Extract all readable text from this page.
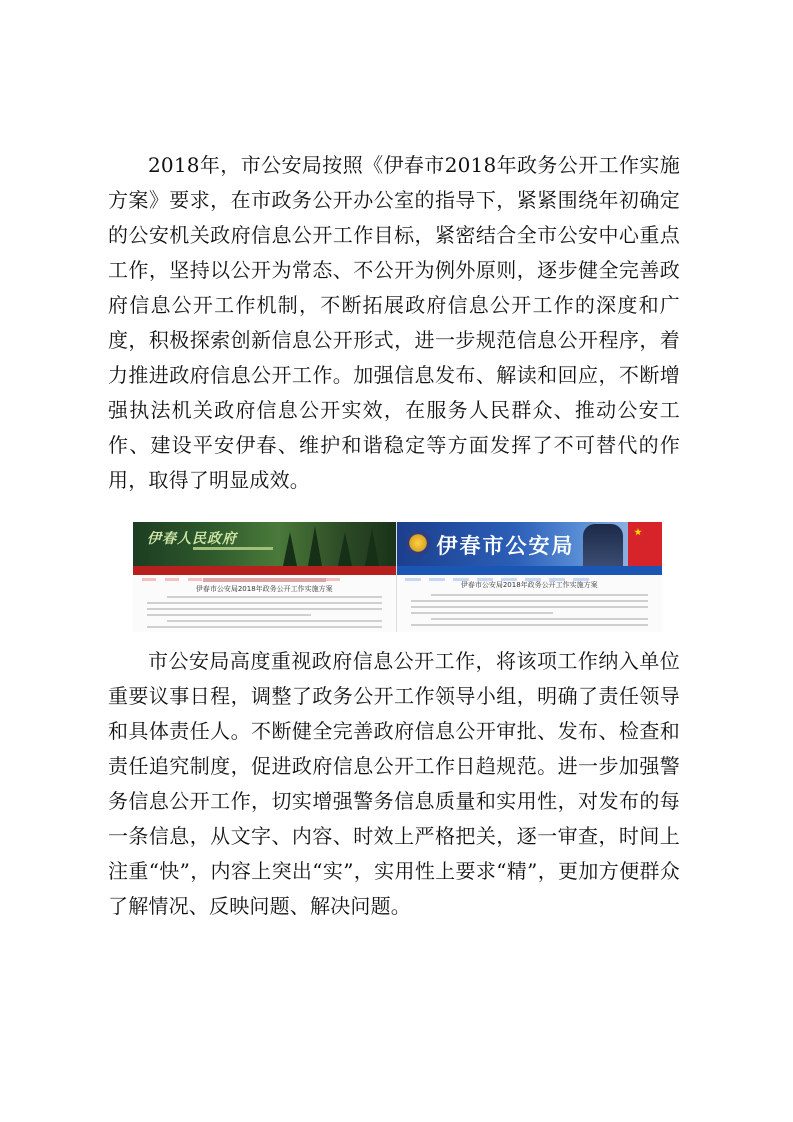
2018年，市公安局按照《伊春市2018年政务公开工作实施方案》要求，在市政务公开办公室的指导下，紧紧围绕年初确定的公安机关政府信息公开工作目标，紧密结合全市公安中心重点工作，坚持以公开为常态、不公开为例外原则，逐步健全完善政府信息公开工作机制，不断拓展政府信息公开工作的深度和广度，积极探索创新信息公开形式，进一步规范信息公开程序，着力推进政府信息公开工作。加强信息发布、解读和回应，不断增强执法机关政府信息公开实效，在服务人民群众、推动公安工作、建设平安伊春、维护和谐稳定等方面发挥了不可替代的作用，取得了明显成效。

伊春人民政府
伊春市公安局2018年政务公开工作实施方案
伊春市公安局
伊春市公安局2018年政务公开工作实施方案

市公安局高度重视政府信息公开工作，将该项工作纳入单位重要议事日程，调整了政务公开工作领导小组，明确了责任领导和具体责任人。不断健全完善政府信息公开审批、发布、检查和责任追究制度，促进政府信息公开工作日趋规范。进一步加强警务信息公开工作，切实增强警务信息质量和实用性，对发布的每一条信息，从文字、内容、时效上严格把关，逐一审查，时间上注重“快”，内容上突出“实”，实用性上要求“精”，更加方便群众了解情况、反映问题、解决问题。
